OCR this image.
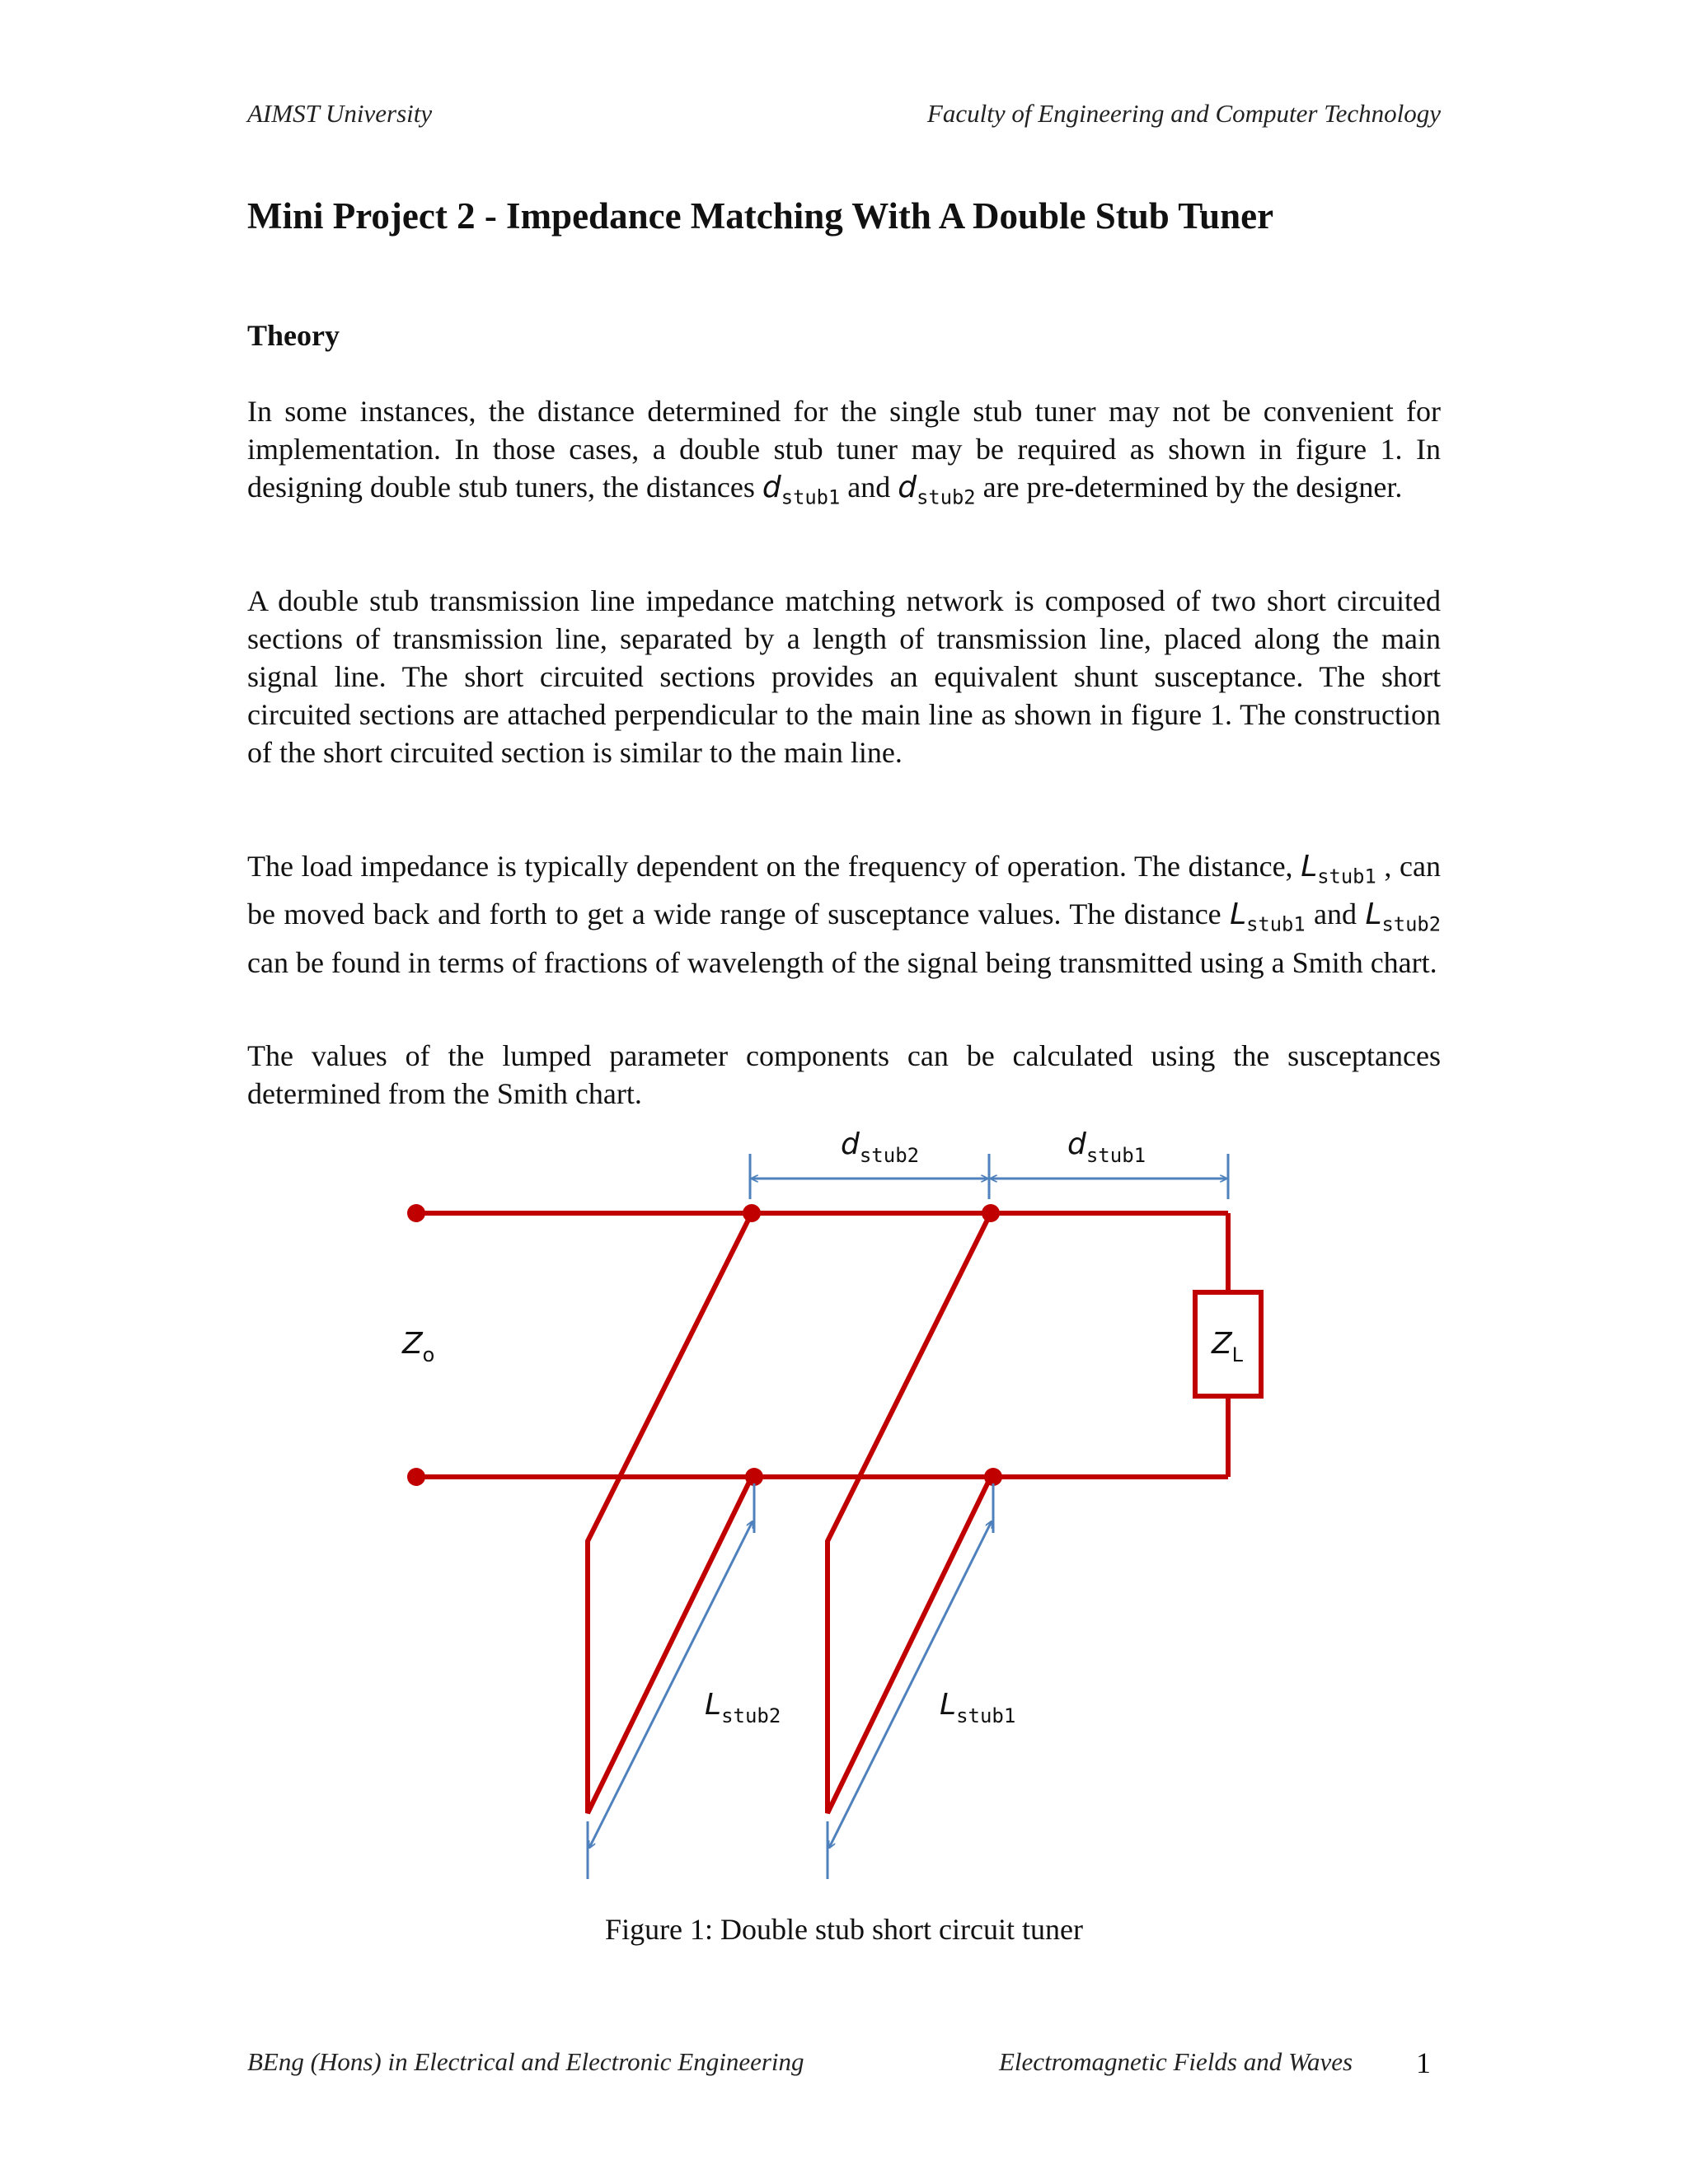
AIMST University	Faculty of Engineering and Computer Technology
Mini Project 2 - Impedance Matching With A Double Stub Tuner
Theory

In some instances, the distance determined for the single stub tuner may not be convenient for implementation. In those cases, a double stub tuner may be required as shown in figure 1. In designing double stub tuners, the distances $d_{stub1}$ and $d_{stub2}$ are pre-determined by the designer.

A double stub transmission line impedance matching network is composed of two short circuited sections of transmission line, separated by a length of transmission line, placed along the main signal line. The short circuited sections provides an equivalent shunt susceptance. The short circuited sections are attached perpendicular to the main line as shown in figure 1. The construction of the short circuited section is similar to the main line.

The load impedance is typically dependent on the frequency of operation. The distance, $L_{stub1}$ , can be moved back and forth to get a wide range of susceptance values. The distance $L_{stub1}$ and $L_{stub2}$ can be found in terms of fractions of wavelength of the signal being transmitted using a Smith chart.

The values of the lumped parameter components can be calculated using the susceptances determined from the Smith chart.

$d_{stub2}$	$d_{stub1}$
$Z_o$	$Z_L$
$L_{stub2}$	$L_{stub1}$

Figure 1: Double stub short circuit tuner

BEng (Hons) in Electrical and Electronic Engineering	Electromagnetic Fields and Waves 1
